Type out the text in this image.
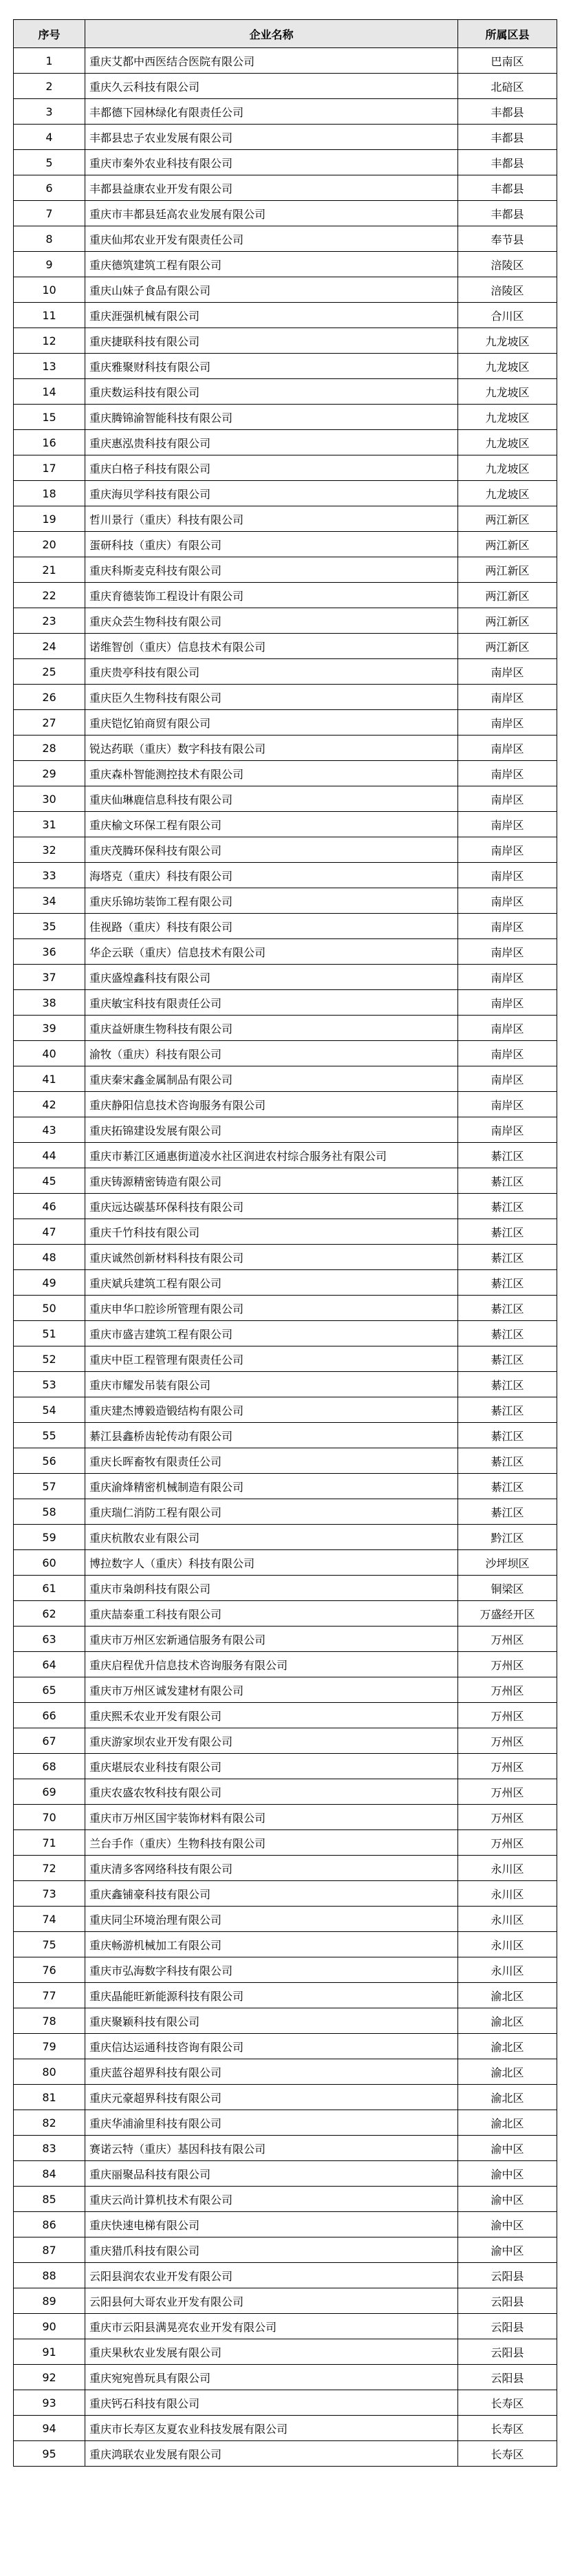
序号	企业名称	所属区县
1	重庆艾都中西医结合医院有限公司	巴南区
2	重庆久云科技有限公司	北碚区
3	丰都德下园林绿化有限责任公司	丰都县
4	丰都县忠子农业发展有限公司	丰都县
5	重庆市秦外农业科技有限公司	丰都县
6	丰都县益康农业开发有限公司	丰都县
7	重庆市丰都县廷高农业发展有限公司	丰都县
8	重庆仙邦农业开发有限责任公司	奉节县
9	重庆德筑建筑工程有限公司	涪陵区
10	重庆山妹子食品有限公司	涪陵区
11	重庆涯强机械有限公司	合川区
12	重庆捷联科技有限公司	九龙坡区
13	重庆雅聚财科技有限公司	九龙坡区
14	重庆数运科技有限公司	九龙坡区
15	重庆腾锦渝智能科技有限公司	九龙坡区
16	重庆惠泓贵科技有限公司	九龙坡区
17	重庆白格子科技有限公司	九龙坡区
18	重庆海贝学科技有限公司	九龙坡区
19	哲川景行（重庆）科技有限公司	两江新区
20	蛋研科技（重庆）有限公司	两江新区
21	重庆科斯麦克科技有限公司	两江新区
22	重庆育德装饰工程设计有限公司	两江新区
23	重庆众芸生物科技有限公司	两江新区
24	诺维智创（重庆）信息技术有限公司	两江新区
25	重庆贵亭科技有限公司	南岸区
26	重庆臣久生物科技有限公司	南岸区
27	重庆铠忆铂商贸有限公司	南岸区
28	锐达药联（重庆）数字科技有限公司	南岸区
29	重庆森朴智能测控技术有限公司	南岸区
30	重庆仙琳鹿信息科技有限公司	南岸区
31	重庆榆文环保工程有限公司	南岸区
32	重庆茂腾环保科技有限公司	南岸区
33	海塔克（重庆）科技有限公司	南岸区
34	重庆乐锦坊装饰工程有限公司	南岸区
35	佳视路（重庆）科技有限公司	南岸区
36	华企云联（重庆）信息技术有限公司	南岸区
37	重庆盛煌鑫科技有限公司	南岸区
38	重庆敏宝科技有限责任公司	南岸区
39	重庆益妍康生物科技有限公司	南岸区
40	渝牧（重庆）科技有限公司	南岸区
41	重庆秦宋鑫金属制品有限公司	南岸区
42	重庆静阳信息技术咨询服务有限公司	南岸区
43	重庆拓锦建设发展有限公司	南岸区
44	重庆市綦江区通惠街道凌水社区润进农村综合服务社有限公司	綦江区
45	重庆铸源精密铸造有限公司	綦江区
46	重庆远达碳基环保科技有限公司	綦江区
47	重庆千竹科技有限公司	綦江区
48	重庆诚然创新材料科技有限公司	綦江区
49	重庆斌兵建筑工程有限公司	綦江区
50	重庆申华口腔诊所管理有限公司	綦江区
51	重庆市盛吉建筑工程有限公司	綦江区
52	重庆中臣工程管理有限责任公司	綦江区
53	重庆市耀发吊装有限公司	綦江区
54	重庆建杰博毅造锻结构有限公司	綦江区
55	綦江县鑫桥齿轮传动有限公司	綦江区
56	重庆长晖畜牧有限责任公司	綦江区
57	重庆渝烽精密机械制造有限公司	綦江区
58	重庆瑞仁消防工程有限公司	綦江区
59	重庆杭散农业有限公司	黔江区
60	博拉数字人（重庆）科技有限公司	沙坪坝区
61	重庆市枭朗科技有限公司	铜梁区
62	重庆喆泰重工科技有限公司	万盛经开区
63	重庆市万州区宏新通信服务有限公司	万州区
64	重庆启程优升信息技术咨询服务有限公司	万州区
65	重庆市万州区诚发建材有限公司	万州区
66	重庆熙禾农业开发有限公司	万州区
67	重庆游家坝农业开发有限公司	万州区
68	重庆堪辰农业科技有限公司	万州区
69	重庆农盛农牧科技有限公司	万州区
70	重庆市万州区国宇装饰材料有限公司	万州区
71	兰台手作（重庆）生物科技有限公司	万州区
72	重庆清多客网络科技有限公司	永川区
73	重庆鑫铺豪科技有限公司	永川区
74	重庆同尘环境治理有限公司	永川区
75	重庆畅游机械加工有限公司	永川区
76	重庆市弘海数字科技有限公司	永川区
77	重庆晶能旺新能源科技有限公司	渝北区
78	重庆聚颖科技有限公司	渝北区
79	重庆信达运通科技咨询有限公司	渝北区
80	重庆蓝谷超界科技有限公司	渝北区
81	重庆元豪超界科技有限公司	渝北区
82	重庆华浦渝里科技有限公司	渝北区
83	赛诺云特（重庆）基因科技有限公司	渝中区
84	重庆丽聚品科技有限公司	渝中区
85	重庆云尚计算机技术有限公司	渝中区
86	重庆快速电梯有限公司	渝中区
87	重庆猎爪科技有限公司	渝中区
88	云阳县润农农业开发有限公司	云阳县
89	云阳县何大哥农业开发有限公司	云阳县
90	重庆市云阳县满晃亮农业开发有限公司	云阳县
91	重庆果秋农业发展有限公司	云阳县
92	重庆宛宛兽玩具有限公司	云阳县
93	重庆钙石科技有限公司	长寿区
94	重庆市长寿区友夏农业科技发展有限公司	长寿区
95	重庆鸿联农业发展有限公司	长寿区
